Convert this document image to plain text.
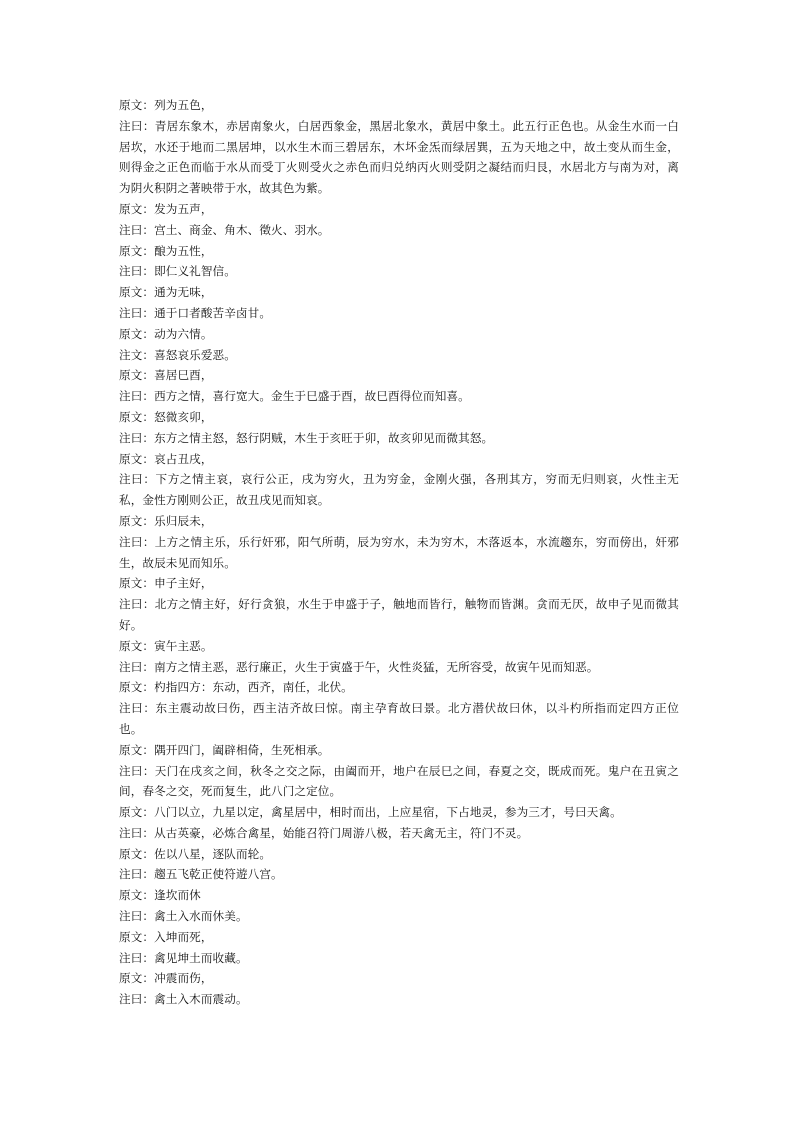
原文：列为五色，

注曰：青居东象木，赤居南象火，白居西象金，黑居北象水，黄居中象土。此五行正色也。从金生水而一白居坎，水还于地而二黑居坤，以水生木而三碧居东，木坏金炁而绿居巽，五为天地之中，故土变从而生金，则得金之正色而临于水从而受丁火则受火之赤色而归兑纳丙火则受阴之凝结而归艮，水居北方与南为对，离为阴火积阴之著映带于水，故其色为紫。

原文：发为五声，

注曰：宫土、商金、角木、徵火、羽水。

原文：酿为五性，

注曰：即仁义礼智信。

原文：通为无味，

注曰：通于口者酸苦辛卤甘。

原文：动为六情。

注文：喜怒哀乐爱恶。

原文：喜居巳酉，

注曰：西方之情，喜行宽大。金生于巳盛于酉，故巳酉得位而知喜。

原文：怒微亥卯，

注曰：东方之情主怒，怒行阴贼，木生于亥旺于卯，故亥卯见而微其怒。

原文：哀占丑戌，

注曰：下方之情主哀，哀行公正，戌为穷火，丑为穷金，金刚火强，各刑其方，穷而无归则哀，火性主无私，金性方刚则公正，故丑戌见而知哀。

原文：乐归辰未，

注曰：上方之情主乐，乐行奸邪，阳气所萌，辰为穷水，未为穷木，木落返本，水流趨东，穷而傍出，奸邪生，故辰未见而知乐。

原文：申子主好，

注曰：北方之情主好，好行贪狼，水生于申盛于子，触地而皆行，触物而皆渊。贪而无厌，故申子见而微其好。

原文：寅午主恶。

注曰：南方之情主恶，恶行廉正，火生于寅盛于午，火性炎猛，无所容受，故寅午见而知恶。

原文：杓指四方：东动，西齐，南任，北伏。

注曰：东主震动故曰伤，西主洁齐故曰惊。南主孕育故曰景。北方潜伏故曰休，以斗杓所指而定四方正位也。

原文：隅开四门，阖辟相倚，生死相承。

注曰：天门在戌亥之间，秋冬之交之际，由阖而开，地户在辰巳之间，春夏之交，既成而死。鬼户在丑寅之间，春冬之交，死而复生，此八门之定位。

原文：八门以立，九星以定，禽星居中，相时而出，上应星宿，下占地灵，参为三才，号曰天禽。

注曰：从古英豪，必炼合禽星，始能召符门周游八极，若天禽无主，符门不灵。

原文：佐以八星，逐队而轮。

注曰：趨五飞乾正使符遊八宫。

原文：逢坎而休

注曰：禽土入水而休美。

原文：入坤而死，

注曰：禽见坤土而收藏。

原文：冲震而伤，

注曰：禽土入木而震动。
